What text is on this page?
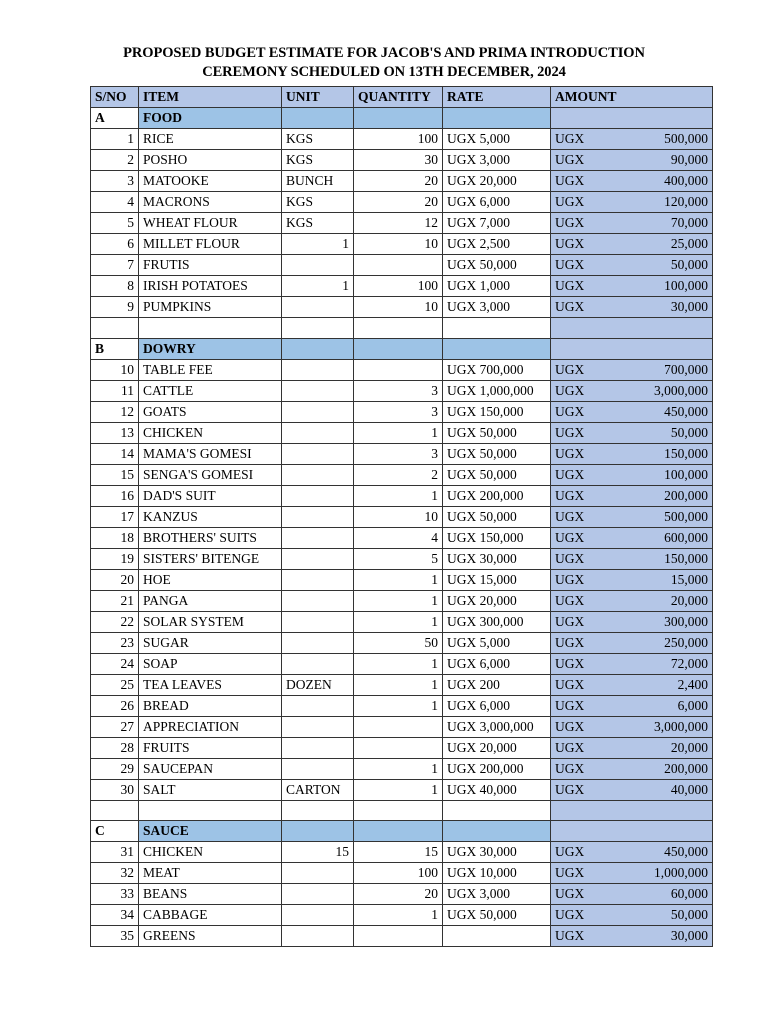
PROPOSED BUDGET ESTIMATE FOR JACOB'S AND PRIMA INTRODUCTION
CEREMONY SCHEDULED ON 13TH DECEMBER, 2024
S/NO	ITEM	UNIT	QUANTITY	RATE	AMOUNT
A	FOOD				
1	RICE	KGS	100	UGX 5,000	UGX 500,000

2	POSHO	KGS	30	UGX 3,000	UGX 90,000

3	MATOOKE	BUNCH	20	UGX 20,000	UGX 400,000

4	MACRONS	KGS	20	UGX 6,000	UGX 120,000

5	WHEAT FLOUR	KGS	12	UGX 7,000	UGX 70,000

6	MILLET FLOUR	1	10	UGX 2,500	UGX 25,000

7	FRUTIS			UGX 50,000	UGX 50,000

8	IRISH POTATOES	1	100	UGX 1,000	UGX 100,000

9	PUMPKINS		10	UGX 3,000	UGX 30,000

B	DOWRY				
10	TABLE FEE			UGX 700,000	UGX 700,000

11	CATTLE		3	UGX 1,000,000	UGX 3,000,000

12	GOATS		3	UGX 150,000	UGX 450,000

13	CHICKEN		1	UGX 50,000	UGX 50,000

14	MAMA'S GOMESI		3	UGX 50,000	UGX 150,000

15	SENGA'S GOMESI		2	UGX 50,000	UGX 100,000

16	DAD'S SUIT		1	UGX 200,000	UGX 200,000

17	KANZUS		10	UGX 50,000	UGX 500,000

18	BROTHERS' SUITS		4	UGX 150,000	UGX 600,000

19	SISTERS' BITENGE		5	UGX 30,000	UGX 150,000

20	HOE		1	UGX 15,000	UGX 15,000

21	PANGA		1	UGX 20,000	UGX 20,000

22	SOLAR SYSTEM		1	UGX 300,000	UGX 300,000

23	SUGAR		50	UGX 5,000	UGX 250,000

24	SOAP		1	UGX 6,000	UGX 72,000

25	TEA LEAVES	DOZEN	1	UGX 200	UGX 2,400

26	BREAD		1	UGX 6,000	UGX 6,000

27	APPRECIATION			UGX 3,000,000	UGX 3,000,000

28	FRUITS			UGX 20,000	UGX 20,000

29	SAUCEPAN		1	UGX 200,000	UGX 200,000

30	SALT	CARTON	1	UGX 40,000	UGX 40,000

C	SAUCE				
31	CHICKEN	15	15	UGX 30,000	UGX 450,000

32	MEAT		100	UGX 10,000	UGX 1,000,000

33	BEANS		20	UGX 3,000	UGX 60,000

34	CABBAGE		1	UGX 50,000	UGX 50,000

35	GREENS				UGX 30,000
